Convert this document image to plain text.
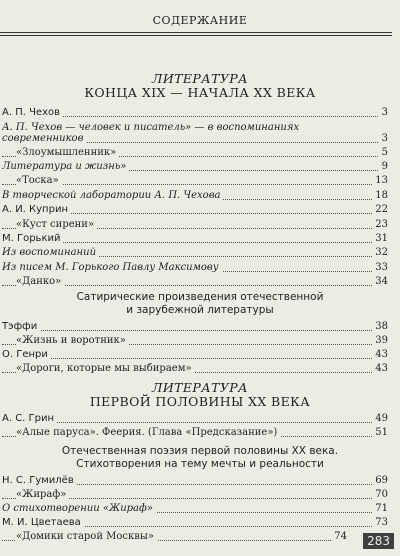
СОДЕРЖАНИЕ
ЛИТЕРАТУРА
КОНЦА XIX — НАЧАЛА XX ВЕКА
А. П. Чехов	3
А. П. Чехов — человек и писатель» — в воспоминаниях
современников	3
«Злоумышленник»	5
Литература и жизнь»	9
«Тоска»	13
В творческой лаборатории А. П. Чехова	18
А. И. Куприн	22
«Куст сирени»	23
М. Горький	31
Из воспоминаний	32
Из писем М. Горького Павлу Максимову	33
«Данко»	34
Сатирические произведения отечественной
и зарубежной литературы
Тэффи	38
«Жизнь и воротник»	39
О. Генри	43
«Дороги, которые мы выбираем»	43
ЛИТЕРАТУРА
ПЕРВОЙ ПОЛОВИНЫ XX ВЕКА
А. С. Грин	49
«Алые паруса». Феерия. (Глава «Предсказание»)	51
Отечественная поэзия первой половины XX века.
Стихотворения на тему мечты и реальности
Н. С. Гумилёв	69
«Жираф»	70
О стихотворении «Жираф»	71
М. И. Цветаева	73
«Домики старой Москвы»	74	283
